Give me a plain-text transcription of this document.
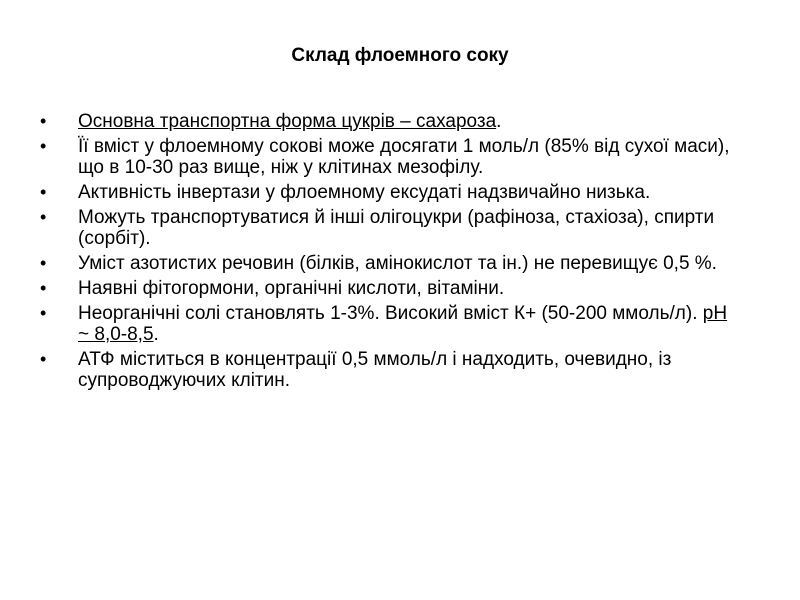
Склад флоемного соку
• Основна транспортна форма цукрів – сахароза.
• Її вміст у флоемному сокові може досягати 1 моль/л (85% від сухої маси), що в 10-30 раз вище, ніж у клітинах мезофілу.
• Активність інвертази у флоемному ексудаті надзвичайно низька.
• Можуть транспортуватися й інші олігоцукри (рафіноза, стахіоза), спирти (сорбіт).
• Уміст азотистих речовин (білків, амінокислот та ін.) не перевищує 0,5 %.
• Наявні фітогормони, органічні кислоти, вітаміни.
• Неорганічні солі становлять 1-3%. Високий вміст К+ (50-200 ммоль/л). pH ~ 8,0-8,5.
• АТФ міститься в концентрації 0,5 ммоль/л і надходить, очевидно, із супроводжуючих клітин.
